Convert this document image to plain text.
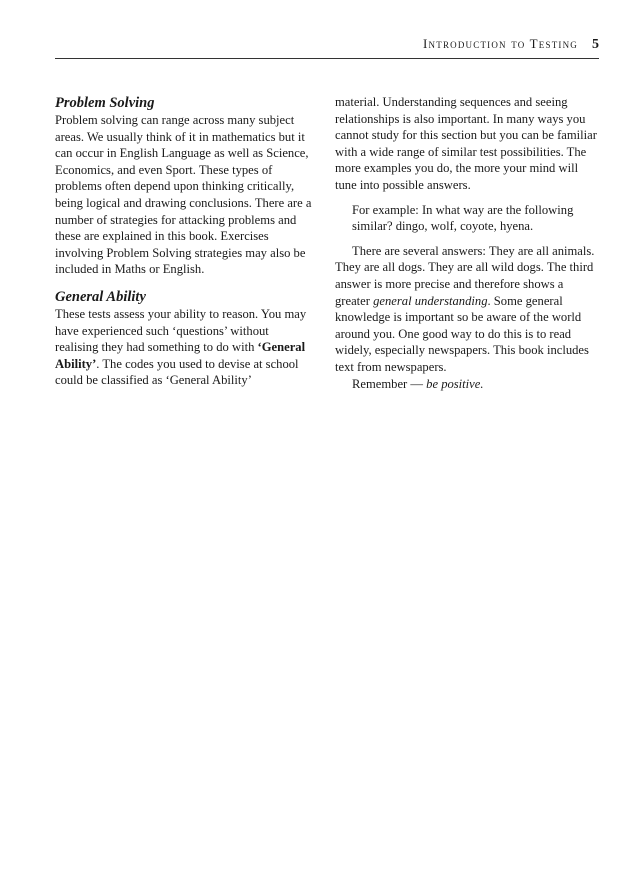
Introduction to Testing 5
Problem Solving

Problem solving can range across many subject areas. We usually think of it in mathematics but it can occur in English Language as well as Science, Economics, and even Sport. These types of problems often depend upon thinking critically, being logical and drawing conclusions. There are a number of strategies for attacking problems and these are explained in this book. Exercises involving Problem Solving strategies may also be included in Maths or English.

General Ability

These tests assess your ability to reason. You may have experienced such ‘questions’ without realising they had something to do with ‘General Ability’. The codes you used to devise at school could be classified as ‘General Ability’

material. Understanding sequences and seeing relationships is also important. In many ways you cannot study for this section but you can be familiar with a wide range of similar test possibilities. The more examples you do, the more your mind will tune into possible answers.

For example: In what way are the following similar? dingo, wolf, coyote, hyena.

There are several answers: They are all animals. They are all dogs. They are all wild dogs. The third answer is more precise and therefore shows a greater general understanding. Some general knowledge is important so be aware of the world around you. One good way to do this is to read widely, especially newspapers. This book includes text from newspapers.

Remember — be positive.
